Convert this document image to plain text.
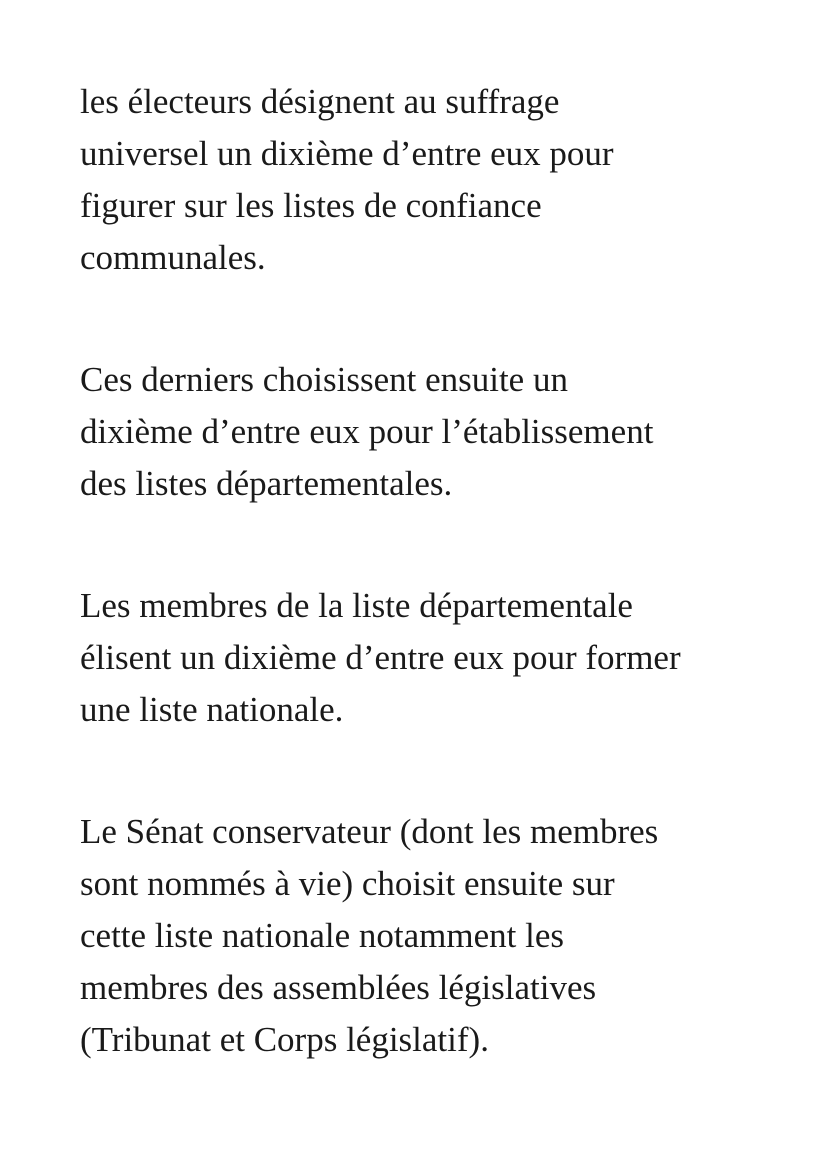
les électeurs désignent au suffrage
universel un dixième d’entre eux pour
figurer sur les listes de confiance
communales.

Ces derniers choisissent ensuite un
dixième d’entre eux pour l’établissement
des listes départementales.

Les membres de la liste départementale
élisent un dixième d’entre eux pour former
une liste nationale.

Le Sénat conservateur (dont les membres
sont nommés à vie) choisit ensuite sur
cette liste nationale notamment les
membres des assemblées législatives
(Tribunat et Corps législatif).
